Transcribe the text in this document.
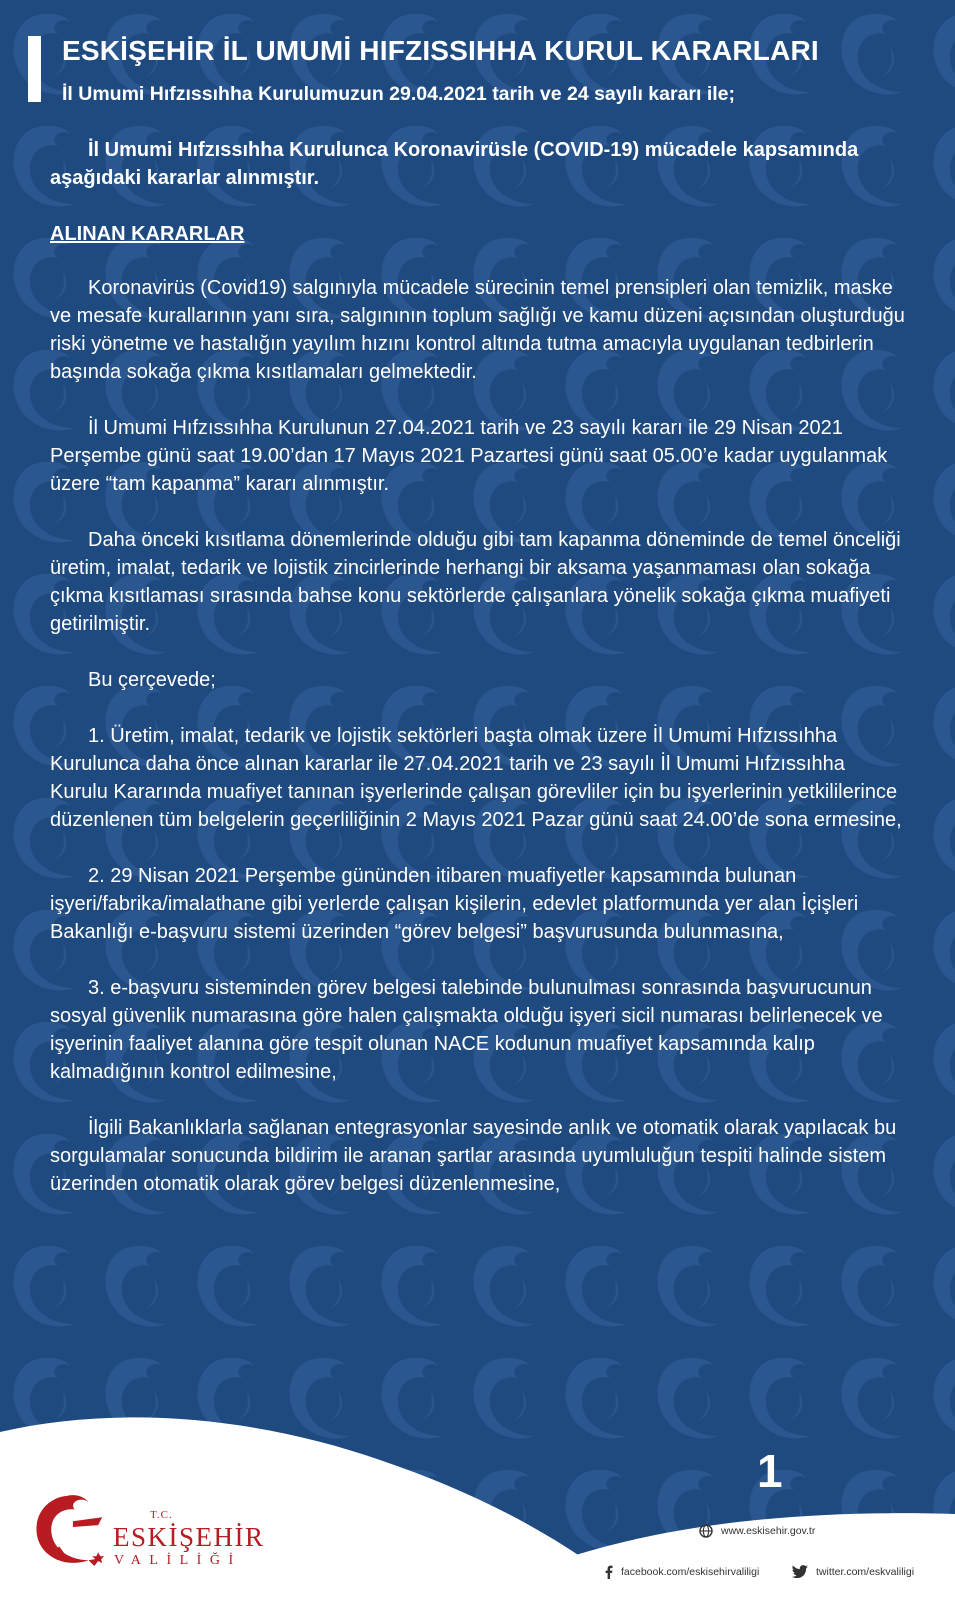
ESKİŞEHİR İL UMUMİ HIFZISSIHHA KURUL KARARLARI
İl Umumi Hıfzıssıhha Kurulumuzun 29.04.2021 tarih ve 24 sayılı kararı ile;

İl Umumi Hıfzıssıhha Kurulunca Koronavirüsle (COVID-19) mücadele kapsamında aşağıdaki kararlar alınmıştır.

ALINAN KARARLAR

Koronavirüs (Covid19) salgınıyla mücadele sürecinin temel prensipleri olan temizlik, maske ve mesafe kurallarının yanı sıra, salgınının toplum sağlığı ve kamu düzeni açısından oluşturduğu riski yönetme ve hastalığın yayılım hızını kontrol altında tutma amacıyla uygulanan tedbirlerin başında sokağa çıkma kısıtlamaları gelmektedir.

İl Umumi Hıfzıssıhha Kurulunun 27.04.2021 tarih ve 23 sayılı kararı ile 29 Nisan 2021 Perşembe günü saat 19.00’dan 17 Mayıs 2021 Pazartesi günü saat 05.00’e kadar uygulanmak üzere “tam kapanma” kararı alınmıştır.

Daha önceki kısıtlama dönemlerinde olduğu gibi tam kapanma döneminde de temel önceliği üretim, imalat, tedarik ve lojistik zincirlerinde herhangi bir aksama yaşanmaması olan sokağa çıkma kısıtlaması sırasında bahse konu sektörlerde çalışanlara yönelik sokağa çıkma muafiyeti getirilmiştir.

Bu çerçevede;

1. Üretim, imalat, tedarik ve lojistik sektörleri başta olmak üzere İl Umumi Hıfzıssıhha Kurulunca daha önce alınan kararlar ile 27.04.2021 tarih ve 23 sayılı İl Umumi Hıfzıssıhha Kurulu Kararında muafiyet tanınan işyerlerinde çalışan görevliler için bu işyerlerinin yetkililerince düzenlenen tüm belgelerin geçerliliğinin 2 Mayıs 2021 Pazar günü saat 24.00’de sona ermesine,

2. 29 Nisan 2021 Perşembe gününden itibaren muafiyetler kapsamında bulunan işyeri/fabrika/imalathane gibi yerlerde çalışan kişilerin, edevlet platformunda yer alan İçişleri Bakanlığı e-başvuru sistemi üzerinden “görev belgesi” başvurusunda bulunmasına,

3. e-başvuru sisteminden görev belgesi talebinde bulunulması sonrasında başvurucunun sosyal güvenlik numarasına göre halen çalışmakta olduğu işyeri sicil numarası belirlenecek ve işyerinin faaliyet alanına göre tespit olunan NACE kodunun muafiyet kapsamında kalıp kalmadığının kontrol edilmesine,

İlgili Bakanlıklarla sağlanan entegrasyonlar sayesinde anlık ve otomatik olarak yapılacak bu sorgulamalar sonucunda bildirim ile aranan şartlar arasında uyumluluğun tespiti halinde sistem üzerinden otomatik olarak görev belgesi düzenlenmesine,

1
T.C.
ESKİŞEHİR
VALİLİĞİ
www.eskisehir.gov.tr
facebook.com/eskisehirvaliligi	twitter.com/eskvaliligi
